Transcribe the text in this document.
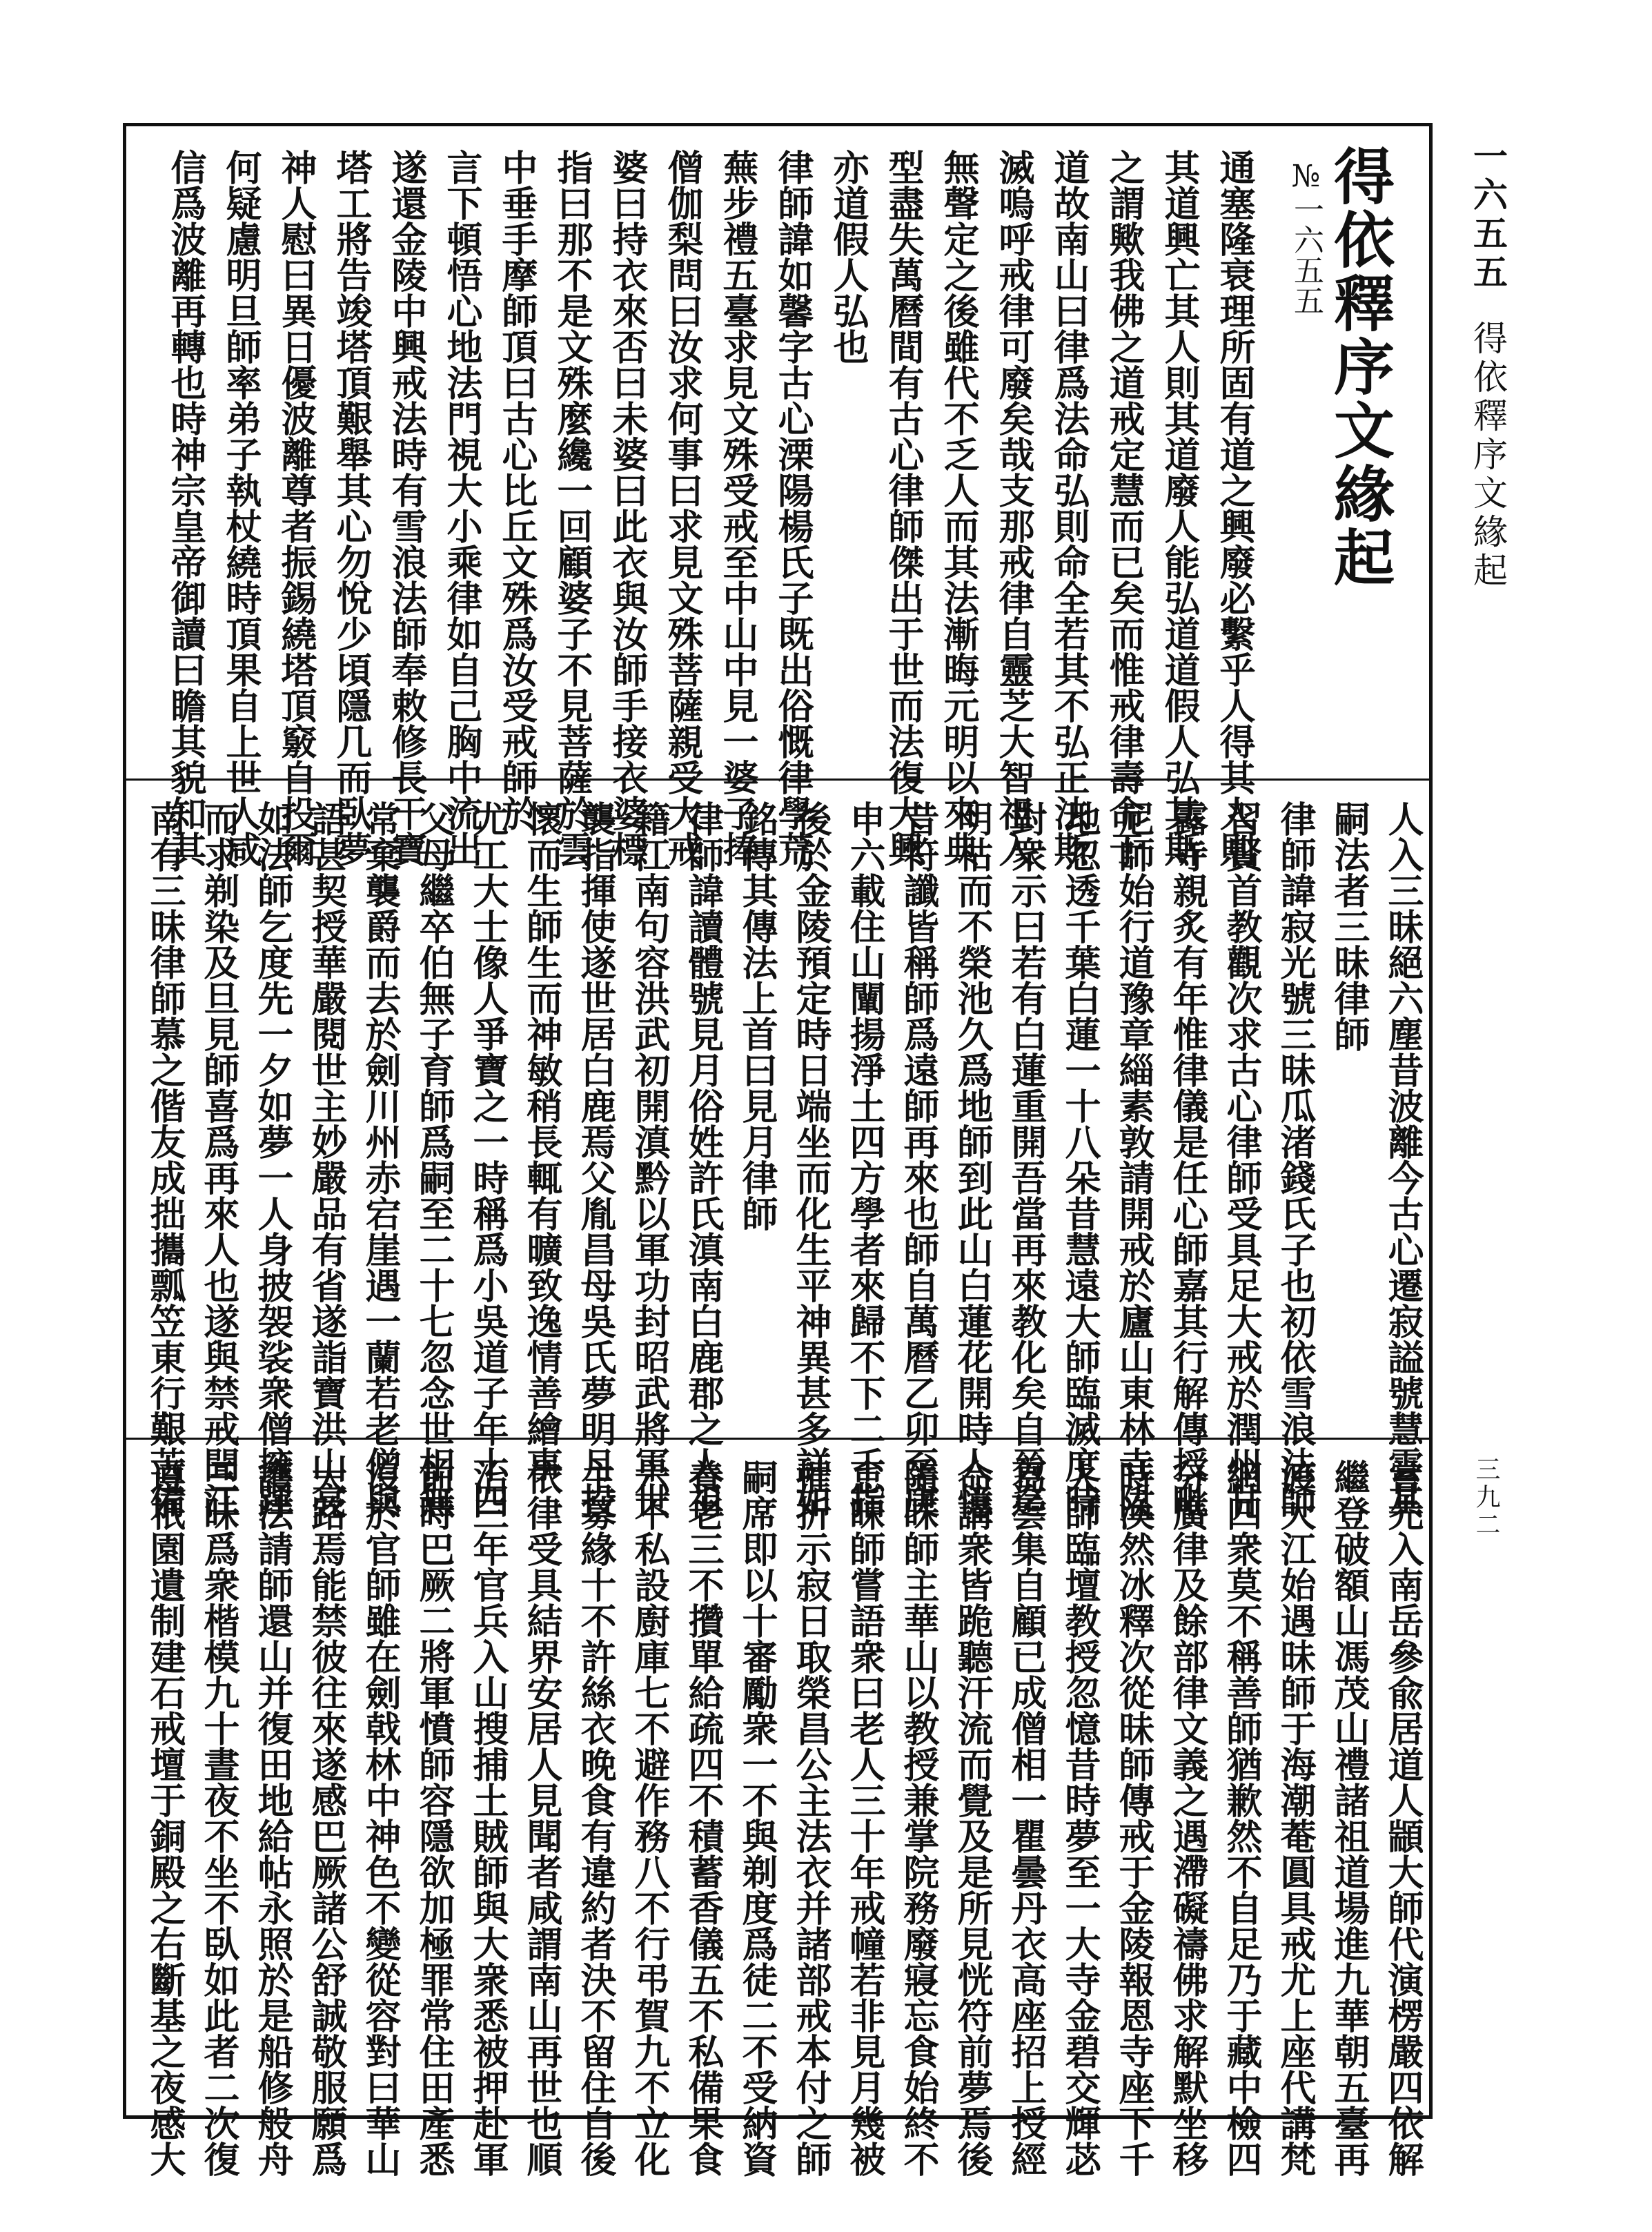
一六五五得依釋序文緣起
三九二
得依釋序文緣起
№一六五五
通塞隆衰理所固有道之興廢必繫乎人得其人則
其道興亡其人則其道廢人能弘道道假人弘其斯
之謂歟我佛之道戒定慧而已矣而惟戒律壽命于
道故南山曰律爲法命弘則命全若其不弘正法斯
滅嗚呼戒律可廢矣哉支那戒律自靈芝大智祖入
無聲定之後雖代不乏人而其法漸晦元明以來典
型盡失萬曆間有古心律師傑出于世而法復大興
亦道假人弘也
律師諱如馨字古心溧陽楊氏子既出俗慨律學荒
蕪步禮五臺求見文殊受戒至中山中見一婆子捧
僧伽梨問曰汝求何事曰求見文殊菩薩親受大戒
婆曰持衣來否曰未婆曰此衣與汝師手接衣婆標
指曰那不是文殊麼纔一回顧婆子不見菩薩於雲
中垂手摩師頂曰古心比丘文殊爲汝受戒師於
言下頓悟心地法門視大小乘律如自己胸中流出
遂還金陵中興戒法時有雪浪法師奉敕修長干寶
塔工將告竣塔頂艱舉其心勿悅少頃隱几而臥夢
神人慰曰異日優波離尊者振錫繞塔頂竅自投爾
何疑慮明旦師率弟子執杖繞時頂果自上世人咸
信爲波離再轉也時神宗皇帝御讀曰瞻其貌知其
人入三昧絕六塵昔波離今古心遷寂謚號慧雲其
嗣法者三昧律師
律師諱寂光號三昧瓜渚錢氏子也初依雪浪法師
習賢首教觀次求古心律師受具足大戒於潤州甘
露寺親炙有年惟律儀是任心師嘉其行解傳授毗
尼師始行道豫章緇素敦請開戒於廬山東林寺陞
地忽透千葉白蓮一十八朵昔慧遠大師臨滅度時
對衆示曰若有白蓮重開吾當再來教化矣自晉迄
明枯而不榮池久爲地師到此山白蓮花開時人憶
昔符讖皆稱師爲遠師再來也師自萬曆乙卯至庚
申六載住山闡揚淨土四方學者來歸不下二千指
後於金陵預定時日端坐而化生平神異甚多詳如
銘傳其傳法上首曰見月律師
律師諱讀體號見月俗姓許氏滇南白鹿郡之人祖
籍江南句容洪武初開滇黔以軍功封昭武將軍世
襲指揮使遂世居白鹿焉父胤昌母吳氏夢明月投
懷而生師生而神敏稍長輒有曠致逸情善繪事
尤工大士像人爭寶之一時稱爲小吳道子年十四
父母繼卒伯無子育師爲嗣至二十七忽念世相無
常棄襲爵而去於劍川州赤宕崖遇一蘭若老僧與
語甚契授華嚴閱世主妙嚴品有省遂詣寶洪山亮
如法師乞度先一夕如夢一人身披袈裟衆僧擁蹕
而求剃染及旦見師喜爲再來人也遂與禁戒聞江
南有三昧律師慕之偕友成拙攜瓢笠東行艱苦備
嘗先入南岳參兪居道人顓大師代演楞嚴四依解
繼登破額山馮茂山禮諸祖道場進九華朝五臺再
渡大江始遇昧師于海潮菴圓具戒尤上座代講梵
網四衆莫不稱善師猶歉然不自足乃于藏中檢四
分廣律及餘部律文義之遇滯礙禱佛求解默坐移
時渙然冰釋次從昧師傳戒于金陵報恩寺座下千
人師臨壇教授忽憶昔時夢至一大寺金碧交輝苾
芻雲集自顧已成僧相一瞿曇丹衣高座招上授經
命講衆皆跪聽汗流而覺及是所見恍符前夢焉後
隨昧師主華山以教授兼掌院務廢寢忘食始終不
怠昧師嘗語衆曰老人三十年戒幢若非見月幾被
摧折示寂日取榮昌公主法衣并諸部戒本付之師
嗣席即以十審勵衆一不與剃度爲徒二不受納資
養老三不攢單給疏四不積蓄香儀五不私備果食
六不私設廚庫七不避作務八不行弔賀九不立化
主募緣十不許絲衣晚食有違約者決不留住自後
依律受具結界安居人見聞者咸謂南山再世也順
治三年官兵入山搜捕土賊師與大衆悉被押赴軍
前時巴厥二將軍憤師容隱欲加極罪常住田產悉
沒於官師雖在劍戟林中神色不變從容對曰華山
大路焉能禁彼往來遂感巴厥諸公舒誠敬服願爲
護法請師還山并復田地給帖永照於是船修般舟
三昧爲衆楷模九十晝夜不坐不臥如此者二次復
遵祇園遺制建石戒壇于銅殿之右斷基之夜感大
